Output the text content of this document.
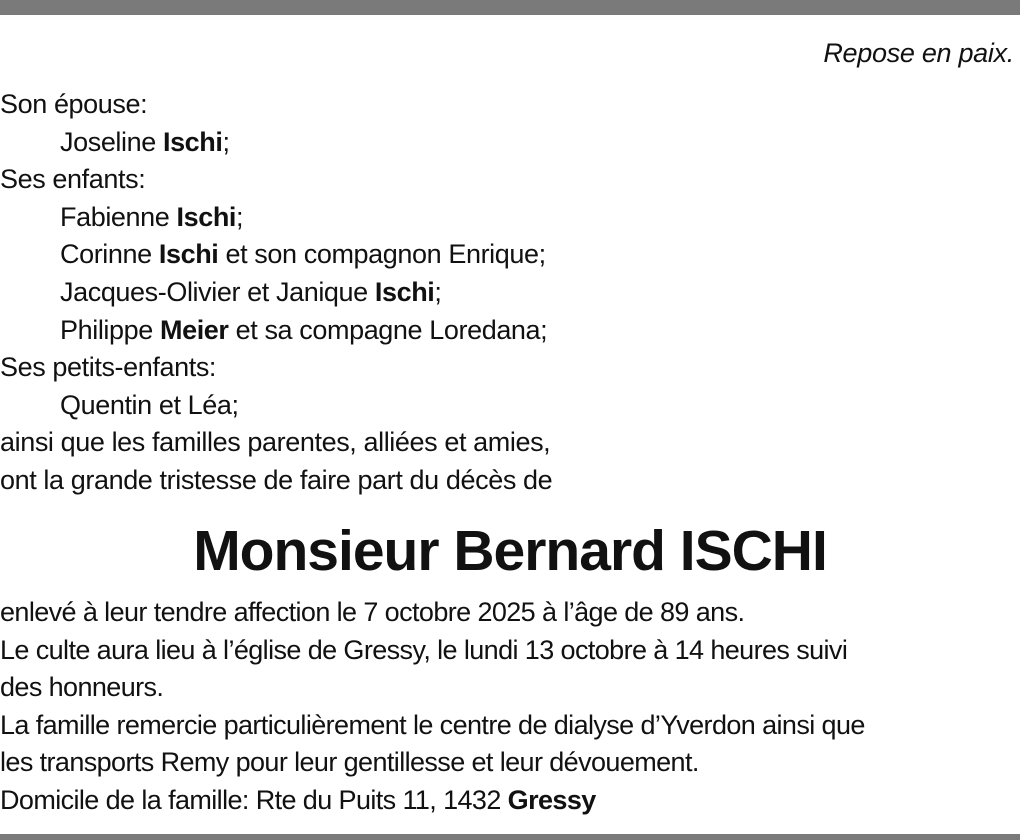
Repose en paix.
Son épouse:
Joseline Ischi;
Ses enfants:
Fabienne Ischi;
Corinne Ischi et son compagnon Enrique;
Jacques-Olivier et Janique Ischi;
Philippe Meier et sa compagne Loredana;
Ses petits-enfants:
Quentin et Léa;
ainsi que les familles parentes, alliées et amies,
ont la grande tristesse de faire part du décès de
Monsieur Bernard ISCHI
enlevé à leur tendre affection le 7 octobre 2025 à l’âge de 89 ans.
Le culte aura lieu à l’église de Gressy, le lundi 13 octobre à 14 heures suivi
des honneurs.
La famille remercie particulièrement le centre de dialyse d’Yverdon ainsi que
les transports Remy pour leur gentillesse et leur dévouement.
Domicile de la famille: Rte du Puits 11, 1432 Gressy
